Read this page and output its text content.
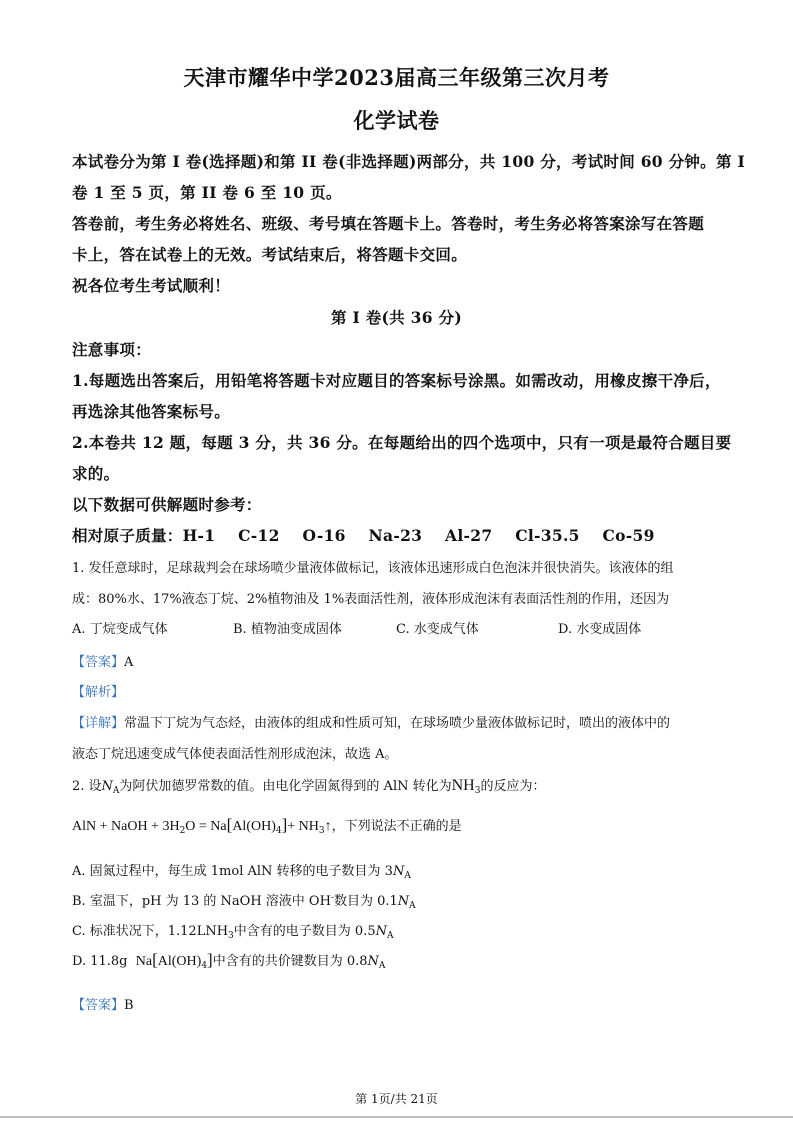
天津市耀华中学2023届高三年级第三次月考
化学试卷
本试卷分为第 I 卷(选择题)和第 II 卷(非选择题)两部分，共 100 分，考试时间 60 分钟。第 I
卷 1 至 5 页，第 II 卷 6 至 10 页。
答卷前，考生务必将姓名、班级、考号填在答题卡上。答卷时，考生务必将答案涂写在答题
卡上，答在试卷上的无效。考试结束后，将答题卡交回。
祝各位考生考试顺利！
第 I 卷(共 36 分)
注意事项：
1.每题选出答案后，用铅笔将答题卡对应题目的答案标号涂黑。如需改动，用橡皮擦干净后，
再选涂其他答案标号。
2.本卷共 12 题，每题 3 分，共 36 分。在每题给出的四个选项中，只有一项是最符合题目要
求的。
以下数据可供解题时参考：
相对原子质量：H-1    C-12    O-16    Na-23    Al-27    Cl-35.5    Co-59
1. 发任意球时，足球裁判会在球场喷少量液体做标记，该液体迅速形成白色泡沫并很快消失。该液体的组
成：80%水、17%液态丁烷、2%植物油及 1%表面活性剂，液体形成泡沫有表面活性剂的作用，还因为
A. 丁烷变成气体	B. 植物油变成固体	C. 水变成气体	D. 水变成固体
【答案】A
【解析】
【详解】常温下丁烷为气态烃，由液体的组成和性质可知，在球场喷少量液体做标记时，喷出的液体中的
液态丁烷迅速变成气体使表面活性剂形成泡沫，故选 A。
2. 设$N_A$为阿伏加德罗常数的值。由电化学固氮得到的 AlN 转化为$NH_3$的反应为：
AlN + NaOH + $3H_2O = Na[Al(OH)_4]+$ $NH_3↑$，下列说法不正确的是
A. 固氮过程中，每生成 1mol AlN 转移的电子数目为 $3N_A$
B. 室温下，pH 为 13 的 NaOH 溶液中 OH-数目为 $0.1N_A$
C. 标准状况下，$1.12LNH_3$中含有的电子数目为 $0.5N_A$
D. 11.8g $Na[Al(OH)_4]$中含有的共价键数目为 $0.8N_A$
【答案】B
第 1页/共 21页
